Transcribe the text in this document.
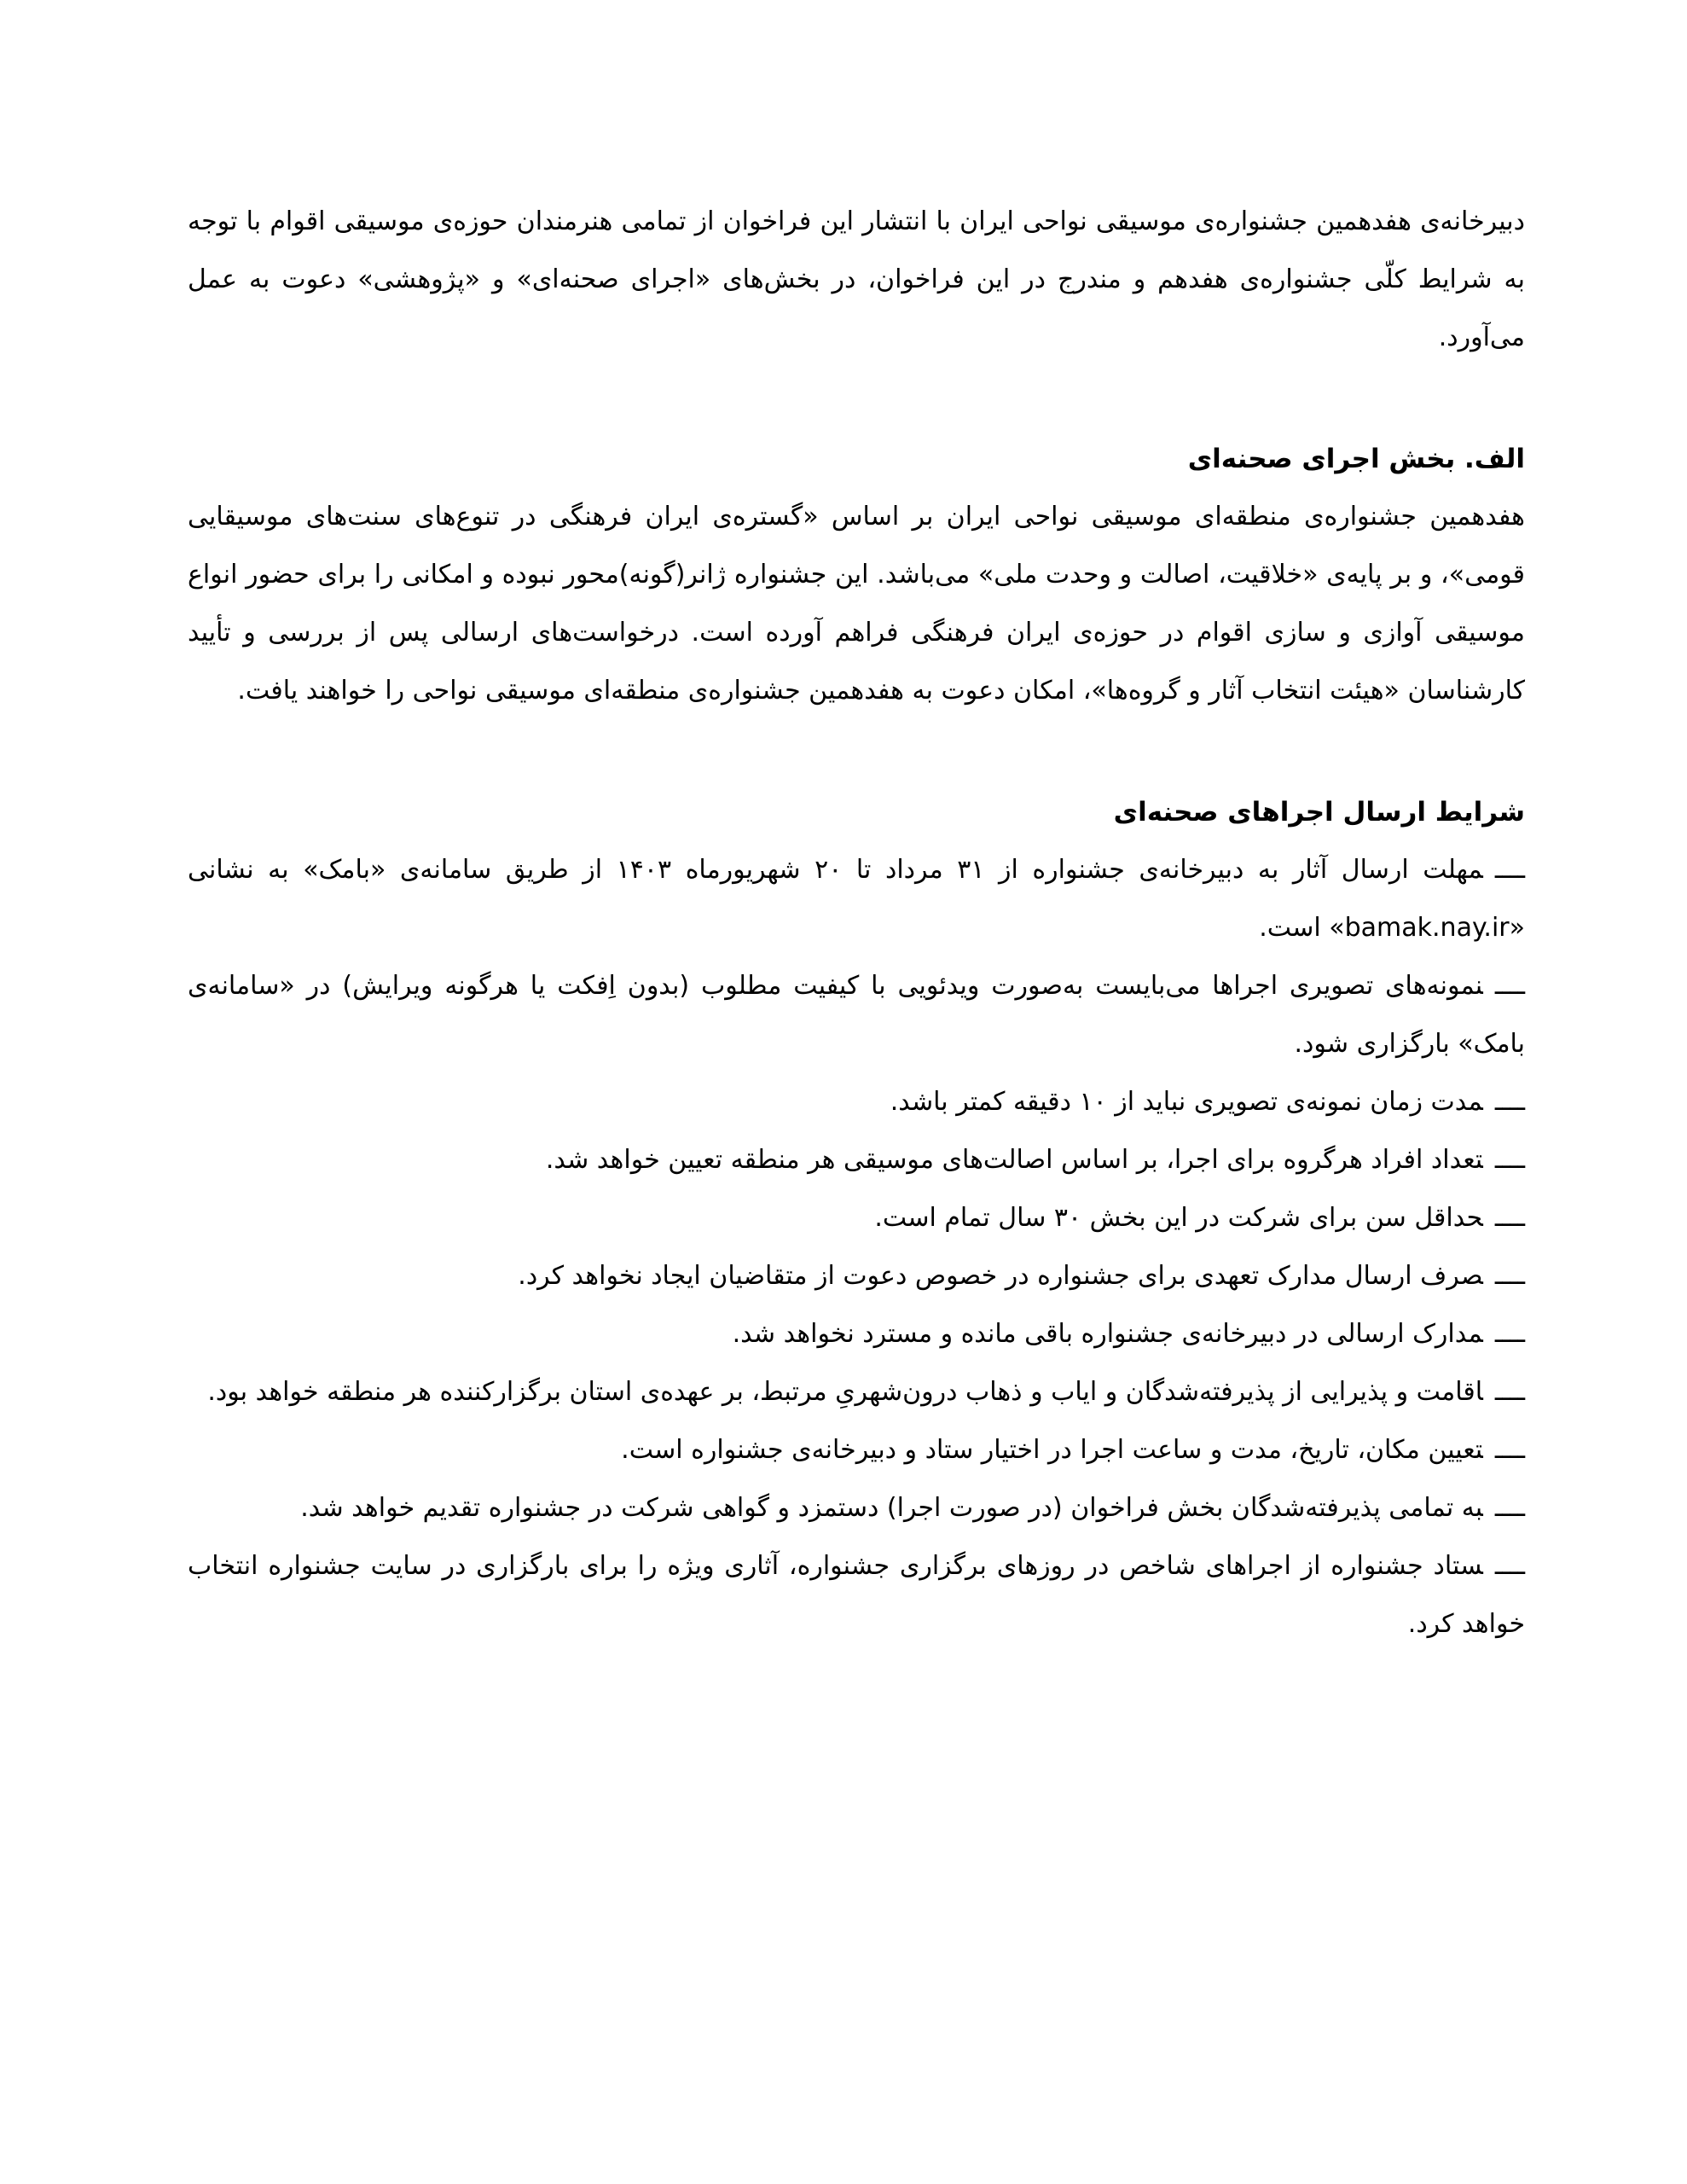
دبیرخانه‌ی هفدهمین جشنواره‌ی موسیقی نواحی ایران با انتشار این فراخوان از تمامی هنرمندان حوزه‌ی موسیقی اقوام با توجه به شرایط کلّی جشنواره‌ی هفدهم و مندرج در این فراخوان، در بخش‌های «اجرای صحنه‌ای» و «پژوهشی» دعوت به عمل می‌آورد.

الف. بخش اجرای صحنه‌ای

هفدهمین جشنواره‌ی منطقه‌ای موسیقی نواحی ایران بر اساس «گستره‌ی ایران فرهنگی در تنوع‌های سنت‌های موسیقایی قومی»، و بر پایه‌ی «خلاقیت، اصالت و وحدت ملی» می‌باشد. این جشنواره ژانر(گونه)محور نبوده و امکانی را برای حضور انواع موسیقی آوازی و سازی اقوام در حوزه‌ی ایران فرهنگی فراهم آورده است. درخواست‌های ارسالی پس از بررسی و تأیید کارشناسان «هیئت انتخاب آثار و گروه‌ها»، امکان دعوت به هفدهمین جشنواره‌ی منطقه‌ای موسیقی نواحی را خواهند یافت.

شرایط ارسال اجراهای صحنه‌ای

ــــمهلت ارسال آثار به دبیرخانه‌ی جشنواره از ۳۱ مرداد تا ۲۰ شهریورماه ۱۴۰۳ از طریق سامانه‌ی «بامک» به نشانی «bamak.nay.ir» است.

ــــنمونه‌های تصویری اجراها می‌بایست به‌صورت ویدئویی با کیفیت مطلوب (بدون اِفکت یا هرگونه ویرایش) در «سامانه‌ی بامک» بارگزاری شود.

ــــمدت زمان نمونه‌ی تصویری نباید از ۱۰ دقیقه کمتر باشد.

ــــتعداد افراد هرگروه برای اجرا، بر اساس اصالت‌های موسیقی هر منطقه تعیین خواهد شد.

ــــحداقل سن برای شرکت در این بخش ۳۰ سال تمام است.

ــــصرف ارسال مدارک تعهدی برای جشنواره در خصوص دعوت از متقاضیان ایجاد نخواهد کرد.

ــــمدارک ارسالی در دبیرخانه‌ی جشنواره باقی مانده و مسترد نخواهد شد.

ــــاقامت و پذیرایی از پذیرفته‌شدگان و ایاب و ذهاب درون‌شهریِ مرتبط، بر عهده‌ی استان برگزارکننده هر منطقه خواهد بود.

ــــتعیین مکان، تاریخ، مدت و ساعت اجرا در اختیار ستاد و دبیرخانه‌ی جشنواره است.

ــــبه تمامی پذیرفته‌شدگان بخش فراخوان (در صورت اجرا) دستمزد و گواهی شرکت در جشنواره تقدیم خواهد شد.

ــــستاد جشنواره از اجراهای شاخص در روزهای برگزاری جشنواره، آثاری ویژه را برای بارگزاری در سایت جشنواره انتخاب خواهد کرد.
